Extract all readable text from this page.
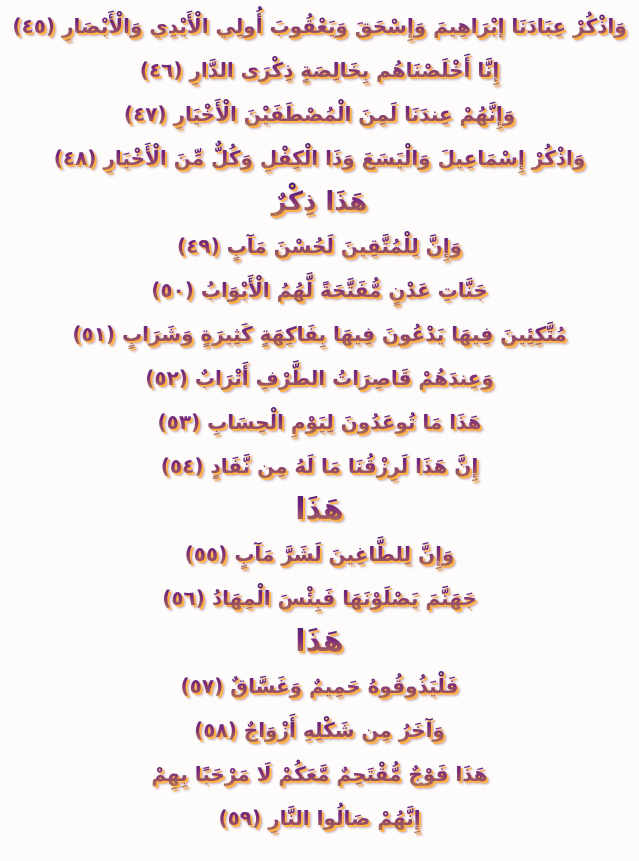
وَاذْكُرْ عِبَادَنَا إبْرَاهِيمَ وَإِسْحَقَ وَيَعْقُوبَ أُولِي الْأَيْدِي وَالْأَبْصَارِ (٤٥)
إِنَّا أَخْلَصْنَاهُم بِخَالِصَةٍ ذِكْرَى الدَّارِ (٤٦)
وَإِنَّهُمْ عِندَنَا لَمِنَ الْمُصْطَفَيْنَ الْأَخْيَارِ (٤٧)
وَاذْكُرْ إِسْمَاعِيلَ وَالْيَسَعَ وَذَا الْكِفْلِ وَكُلٌّ مِّنَ الْأَخْيَارِ (٤٨)
هَذَا ذِكْرٌ
وَإِنَّ لِلْمُتَّقِينَ لَحُسْنَ مَآبٍ (٤٩)
جَنَّاتِ عَدْنٍ مُّفَتَّحَةً لَّهُمُ الْأَبْوَابُ (٥٠)
مُتَّكِئِينَ فِيهَا يَدْعُونَ فِيهَا بِفَاكِهَةٍ كَثِيرَةٍ وَشَرَابٍ (٥١)
وَعِندَهُمْ قَاصِرَاتُ الطَّرْفِ أَتْرَابٌ (٥٢)
هَذَا مَا تُوعَدُونَ لِيَوْمِ الْحِسَابِ (٥٣)
إِنَّ هَذَا لَرِزْقُنَا مَا لَهُ مِن نَّفَادٍ (٥٤)
هَذَا
وَإِنَّ لِلطَّاغِينَ لَشَرَّ مَآبٍ (٥٥)
جَهَنَّمَ يَصْلَوْنَهَا فَبِئْسَ الْمِهَادُ (٥٦)
هَذَا
فَلْيَذُوقُوهُ حَمِيمٌ وَغَسَّاقٌ (٥٧)
وَآخَرُ مِن شَكْلِهِ أَزْوَاجٌ (٥٨)
هَذَا فَوْجٌ مُّقْتَحِمٌ مَّعَكُمْ لَا مَرْحَبًا بِهِمْ
إِنَّهُمْ صَالُوا النَّارِ (٥٩)
